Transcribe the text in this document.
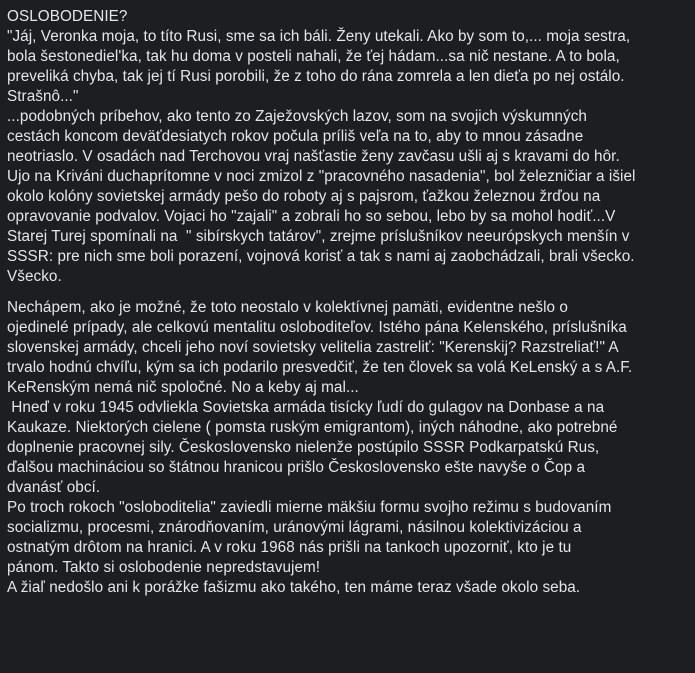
OSLOBODENIE?
"Jáj, Veronka moja, to títo Rusi, sme sa ich báli. Ženy utekali. Ako by som to,... moja sestra,
bola šestonediel'ka, tak hu doma v posteli nahali, že ťej hádam...sa nič nestane. A to bola,
preveliká chyba, tak jej tí Rusi porobili, že z toho do rána zomrela a len dieťa po nej ostálo.
Strašnô..."
...podobných príbehov, ako tento zo Zaježovských lazov, som na svojich výskumných
cestách koncom deväťdesiatych rokov počula príliš veľa na to, aby to mnou zásadne
neotriaslo. V osadách nad Terchovou vraj našťastie ženy zavčasu ušli aj s kravami do hôr.
Ujo na Kriváni duchaprítomne v noci zmizol z "pracovného nasadenia", bol železničiar a išiel
okolo kolóny sovietskej armády pešo do roboty aj s pajsrom, ťažkou železnou žrďou na
opravovanie podvalov. Vojaci ho "zajali" a zobrali ho so sebou, lebo by sa mohol hodiť...V
Starej Turej spomínali na  " sibírskych tatárov", zrejme príslušníkov neeurópskych menšín v
SSSR: pre nich sme boli porazení, vojnová korisť a tak s nami aj zaobchádzali, brali všecko.
Všecko.
Nechápem, ako je možné, že toto neostalo v kolektívnej pamäti, evidentne nešlo o
ojedinelé prípady, ale celkovú mentalitu osloboditeľov. Istého pána Kelenského, príslušníka
slovenskej armády, chceli jeho noví sovietsky velitelia zastreliť: "Kerenskij? Razstreliať!" A
trvalo hodnú chvíľu, kým sa ich podarilo presvedčiť, že ten človek sa volá KeLenský a s A.F.
KeRenským nemá nič spoločné. No a keby aj mal...
Hneď v roku 1945 odvliekla Sovietska armáda tisícky ľudí do gulagov na Donbase a na
Kaukaze. Niektorých cielene ( pomsta ruským emigrantom), iných náhodne, ako potrebné
doplnenie pracovnej sily. Československo nielenže postúpilo SSSR Podkarpatskú Rus,
ďalšou machináciou so štátnou hranicou prišlo Československo ešte navyše o Čop a
dvanásť obcí.
Po troch rokoch "osloboditelia" zaviedli mierne mäkšiu formu svojho režimu s budovaním
socializmu, procesmi, znárodňovaním, uránovými lágrami, násilnou kolektivizáciou a
ostnatým drôtom na hranici. A v roku 1968 nás prišli na tankoch upozorniť, kto je tu
pánom. Takto si oslobodenie nepredstavujem!
A žiaľ nedošlo ani k porážke fašizmu ako takého, ten máme teraz všade okolo seba.
